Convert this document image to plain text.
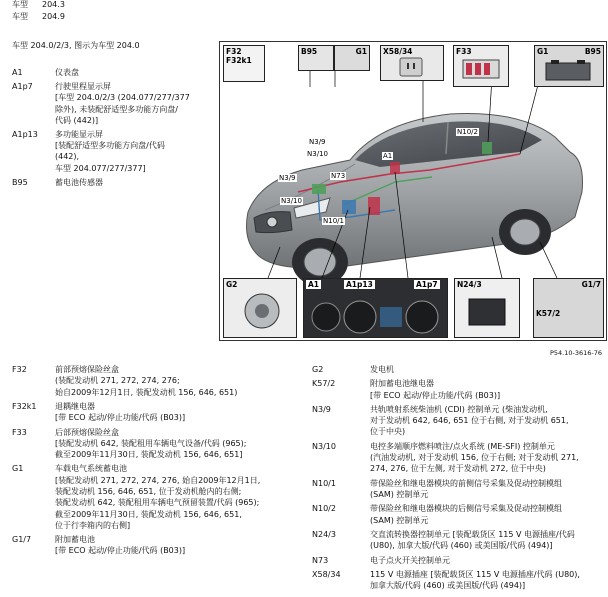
车型 204.3
车型 204.9
车型 204.0/2/3, 图示为车型 204.0
A1	仪表盘
A1p7	行驶里程显示屏
[车型 204.0/2/3 (204.077/277/377
除外), 未装配舒适型多功能方向盘/
代码 (442)]
A1p13 多功能显示屏
[装配舒适型多功能方向盘/代码
(442),
车型 204.077/277/377]
B95	蓄电池传感器
F32
F32k1
B95	G1 X58/34	F33	G1	B95
N3/9
N3/10
N3/9
N3/10
N73
A1
N10/1
N10/2
G2	A1	A1p13	A1p7	N24/3	G1/7
K57/2
P54.10-3616-76
F32	前部预熔保险丝盒
(装配发动机 271, 272, 274, 276;
始自2009年12月1日, 装配发动机 156, 646, 651)
F32k1 退耦继电器
[带 ECO 起动/停止功能/代码 (B03)]
F33	后部预熔保险丝盒
[装配发动机 642, 装配租用车辆电气设备/代码 (965);
截至2009年11月30日, 装配发动机 156, 646, 651]
G1	车载电气系统蓄电池
[装配发动机 271, 272, 274, 276, 始自2009年12月1日,
装配发动机 156, 646, 651, 位于发动机舱内的右侧;
装配发动机 642, 装配租用车辆电气预留装置/代码 (965);
截至2009年11月30日, 装配发动机 156, 646, 651,
位于行李箱内的右侧]
G1/7	附加蓄电池
[带 ECO 起动/停止功能/代码 (B03)]
G2	发电机
K57/2	附加蓄电池继电器
[带 ECO 起动/停止功能/代码 (B03)]
N3/9	共轨喷射系统柴油机 (CDI) 控制单元 (柴油发动机,
对于发动机 642, 646, 651 位于右侧, 对于发动机 651,
位于中央)
N3/10	电控多端顺序燃料喷注/点火系统 (ME-SFI) 控制单元
(汽油发动机, 对于发动机 156, 位于右侧; 对于发动机 271,
274, 276, 位于左侧, 对于发动机 272, 位于中央)
N10/1	带保险丝和继电器模块的前侧信号采集及促动控制模组
(SAM) 控制单元
N10/2	带保险丝和继电器模块的后侧信号采集及促动控制模组
(SAM) 控制单元
N24/3	交直流转换器控制单元 [装配载货区 115 V 电源插座/代码
(U80), 加拿大版/代码 (460) 或美国版/代码 (494)]
N73	电子点火开关控制单元
X58/34	115 V 电源插座 [装配载货区 115 V 电源插座/代码 (U80),
加拿大版/代码 (460) 或美国版/代码 (494)]
